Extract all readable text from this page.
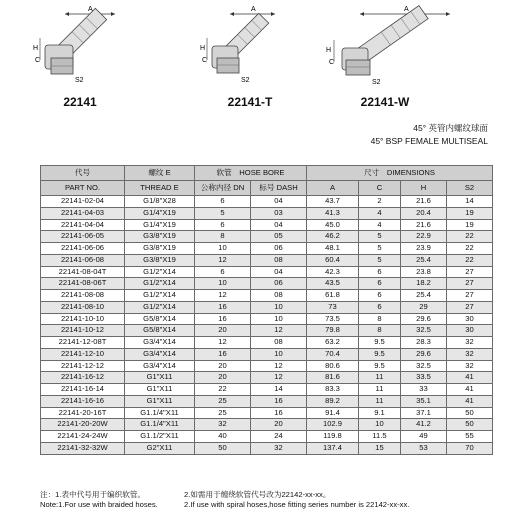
A
H
C
S2
22141
A
H
C
S2
22141-T
A
H
C
S2
22141-W
45° 英管内螺纹球面
45° BSP FEMALE MULTISEAL
代号	螺纹 E	软管　HOSE BORE		尺寸　DIMENSIONS			
PART NO.	THREAD E	公称内径 DN	标号 DASH	A	C	H	S2
22141-02-04	G1/8"X28	6	04	43.7	2	21.6	14
22141-04-03	G1/4"X19	5	03	41.3	4	20.4	19
22141-04-04	G1/4"X19	6	04	45.0	4	21.6	19
22141-06-05	G3/8"X19	8	05	46.2	5	22.9	22
22141-06-06	G3/8"X19	10	06	48.1	5	23.9	22
22141-06-08	G3/8"X19	12	08	60.4	5	25.4	22
22141-08-04T	G1/2"X14	6	04	42.3	6	23.8	27
22141-08-06T	G1/2"X14	10	06	43.5	6	18.2	27
22141-08-08	G1/2"X14	12	08	61.8	6	25.4	27
22141-08-10	G1/2"X14	16	10	73	6	29	27
22141-10-10	G5/8"X14	16	10	73.5	8	29.6	30
22141-10-12	G5/8"X14	20	12	79.8	8	32.5	30
22141-12-08T	G3/4"X14	12	08	63.2	9.5	28.3	32
22141-12-10	G3/4"X14	16	10	70.4	9.5	29.6	32
22141-12-12	G3/4"X14	20	12	80.6	9.5	32.5	32
22141-16-12	G1"X11	20	12	81.6	11	33.5	41
22141-16-14	G1"X11	22	14	83.3	11	33	41
22141-16-16	G1"X11	25	16	89.2	11	35.1	41
22141-20-16T	G1.1/4"X11	25	16	91.4	9.1	37.1	50
22141-20-20W	G1.1/4"X11	32	20	102.9	10	41.2	50
22141-24-24W	G1.1/2"X11	40	24	119.8	11.5	49	55
22141-32-32W	G2"X11	50	32	137.4	15	53	70
注：1.表中代号用于编织软管。
Note:1.For use with braided hoses.
2.如需用于缠绕软管代号改为22142-xx-xx。
2.If use with spiral hoses,hose fitting series number is 22142-xx-xx.
